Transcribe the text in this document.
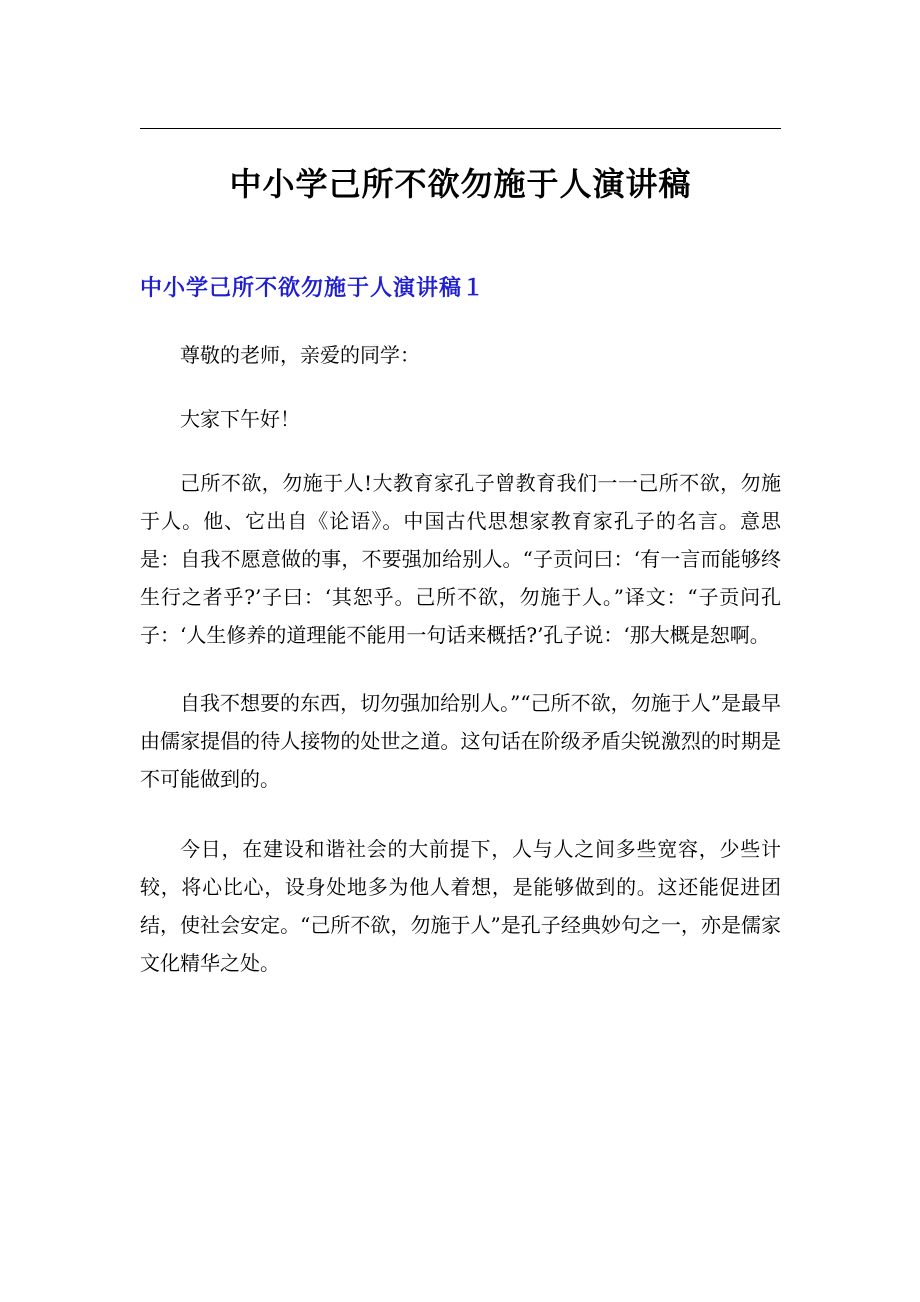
中小学己所不欲勿施于人演讲稿
中小学己所不欲勿施于人演讲稿１

尊敬的老师，亲爱的同学：

大家下午好！

己所不欲，勿施于人!大教育家孔子曾教育我们一一己所不欲，勿施于人。他、它出自《论语》。中国古代思想家教育家孔子的名言。意思是：自我不愿意做的事，不要强加给别人。“子贡问曰：‘有一言而能够终生行之者乎?’子曰：‘其恕乎。己所不欲，勿施于人。”译文：“子贡问孔子：‘人生修养的道理能不能用一句话来概括?’孔子说：‘那大概是恕啊。

自我不想要的东西，切勿强加给别人。”“己所不欲，勿施于人”是最早由儒家提倡的待人接物的处世之道。这句话在阶级矛盾尖锐激烈的时期是不可能做到的。

今日，在建设和谐社会的大前提下，人与人之间多些宽容，少些计较，将心比心，设身处地多为他人着想，是能够做到的。这还能促进团结，使社会安定。“己所不欲，勿施于人”是孔子经典妙句之一，亦是儒家文化精华之处。
